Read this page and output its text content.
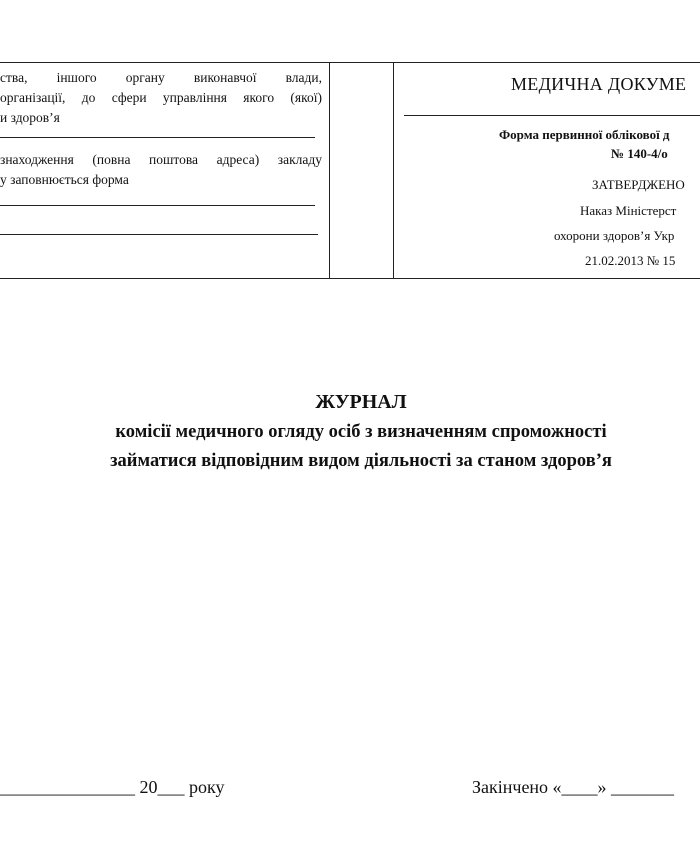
ства, іншого органу виконавчої влади,
організації, до сфери управління якого (якої)
и здоров’я
знаходження (повна поштова адреса) закладу
у заповнюється форма
МЕДИЧНА ДОКУМЕ
Форма первинної облікової д
№ 140-4/о
ЗАТВЕРДЖЕНО
Наказ Міністерст
охорони здоров’я Укр
21.02.2013 № 15
ЖУРНАЛ
комісії медичного огляду осіб з визначенням спроможності
займатися відповідним видом діяльності за станом здоров’я
_______________ 20___ року	Закінчено «____» _______
